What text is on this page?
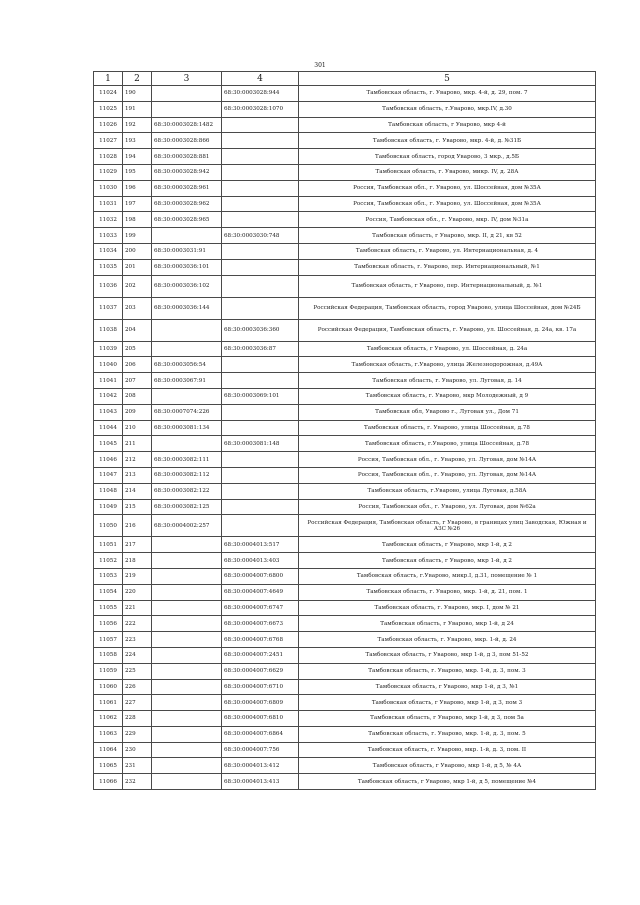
301
1	2	3	4	5
11024	190		68:30:0003028:944	Тамбовская область, г. Уварово, мкр. 4-й, д. 29, пом. 7
11025	191		68:30:0003028:1070	Тамбовская область, г.Уварово, мкр.IV, д.30
11026	192	68:30:0003028:1482		Тамбовская область, г Уварово, мкр 4-й
11027	193	68:30:0003028:866		Тамбовская область, г. Уварово, мкр. 4-й, д. №31Б
11028	194	68:30:0003028:881		Тамбовская область, город Уварово, 3 мкр., д.5Б
11029	195	68:30:0003028:942		Тамбовская область, г. Уварово, микр. IV, д. 28А
11030	196	68:30:0003028:961		Россия, Тамбовская обл., г. Уварово, ул. Шоссейная, дом №35А
11031	197	68:30:0003028:962		Россия, Тамбовская обл., г. Уварово, ул. Шоссейная, дом №35А
11032	198	68:30:0003028:965		Россия, Тамбовская обл., г. Уварово, мкр. IV, дом №31а
11033	199		68:30:0003030:748	Тамбовская область, г Уварово, мкр. II, д 21, кв 52
11034	200	68:30:0003031:91		Тамбовская область, г. Уварово, ул. Интернациональная, д. 4
11035	201	68:30:0003036:101		Тамбовская область, г. Уварово, пер. Интернациональный, №1
11036	202	68:30:0003036:102		Тамбовская область, г Уварово, пер. Интернациональный, д. №1
11037	203	68:30:0003036:144		Российская Федерация, Тамбовская область, город Уварово, улица Шоссейная, дом №24Б
11038	204		68:30:0003036:360	Российская Федерация, Тамбовская область, г. Уварово, ул. Шоссейная, д. 24а, кв. 17а
11039	205		68:30:0003036:87	Тамбовская область, г Уварово, ул. Шоссейная, д. 24а
11040	206	68:30:0003056:54		Тамбовская область, г.Уварово, улица Железнодорожная, д.49А
11041	207	68:30:0003067:91		Тамбовская область, г. Уварово, ул. Луговая, д. 14
11042	208		68:30:0003069:101	Тамбовская область, г. Уварово, мкр Молодежный, д 9
11043	209	68:30:0007074:226		Тамбовская обл, Уварово г., Луговая ул., Дом 71
11044	210	68:30:0003081:134		Тамбовская область, г. Уварово, улица Шоссейная, д.78
11045	211		68:30:0003081:148	Тамбовская область, г.Уварово, улица Шоссейная, д.78
11046	212	68:30:0003082:111		Россия, Тамбовская обл., г. Уварово, ул. Луговая, дом №14А
11047	213	68:30:0003082:112		Россия, Тамбовская обл., г. Уварово, ул. Луговая, дом №14А
11048	214	68:30:0003082:122		Тамбовская область, г.Уварово, улица Луговая, д.58А
11049	215	68:30:0003082:125		Россия, Тамбовская обл., г. Уварово, ул. Луговая, дом №62а
11050	216	68:30:0004002:257		Российская Федерация, Тамбовская область, г Уварово, в границах улиц Заводская, Южная и АЗС №26
11051	217		68:30:0004013:517	Тамбовская область, г Уварово, мкр 1-й, д 2
11052	218		68:30:0004013:403	Тамбовская область, г Уварово, мкр 1-й, д 2
11053	219		68:30:0004007:6800	Тамбовская область, г.Уварово, микр.I, д.31, помещение № 1
11054	220		68:30:0004007:4649	Тамбовская область, г. Уварово, мкр. 1-й, д. 21, пом. 1
11055	221		68:30:0004007:6747	Тамбовская область, г. Уварово, мкр. I, дом № 21
11056	222		68:30:0004007:6673	Тамбовская область, г Уварово, мкр 1-й, д 24
11057	223		68:30:0004007:6768	Тамбовская область, г. Уварово, мкр. 1-й, д. 24
11058	224		68:30:0004007:2451	Тамбовская область, г Уварово, мкр 1-й, д 3, пом 51-52
11059	225		68:30:0004007:6629	Тамбовская область, г. Уварово, мкр. 1-й, д. 3, пом. 3
11060	226		68:30:0004007:6710	Тамбовская область, г Уварово, мкр 1-й, д 3, №1
11061	227		68:30:0004007:6809	Тамбовская область, г Уварово, мкр 1-й, д 3, пом 3
11062	228		68:30:0004007:6810	Тамбовская область, г Уварово, мкр 1-й, д 3, пом 5а
11063	229		68:30:0004007:6864	Тамбовская область, г. Уварово, мкр. 1-й, д. 3, пом. 5
11064	230		68:30:0004007:756	Тамбовская область, г. Уварово, мкр. 1-й, д. 3, пом. II
11065	231		68:30:0004013:412	Тамбовская область, г Уварово, мкр 1-й, д 5, № 4А
11066	232		68:30:0004013:413	Тамбовская область, г Уварово, мкр 1-й, д 5, помещение №4
